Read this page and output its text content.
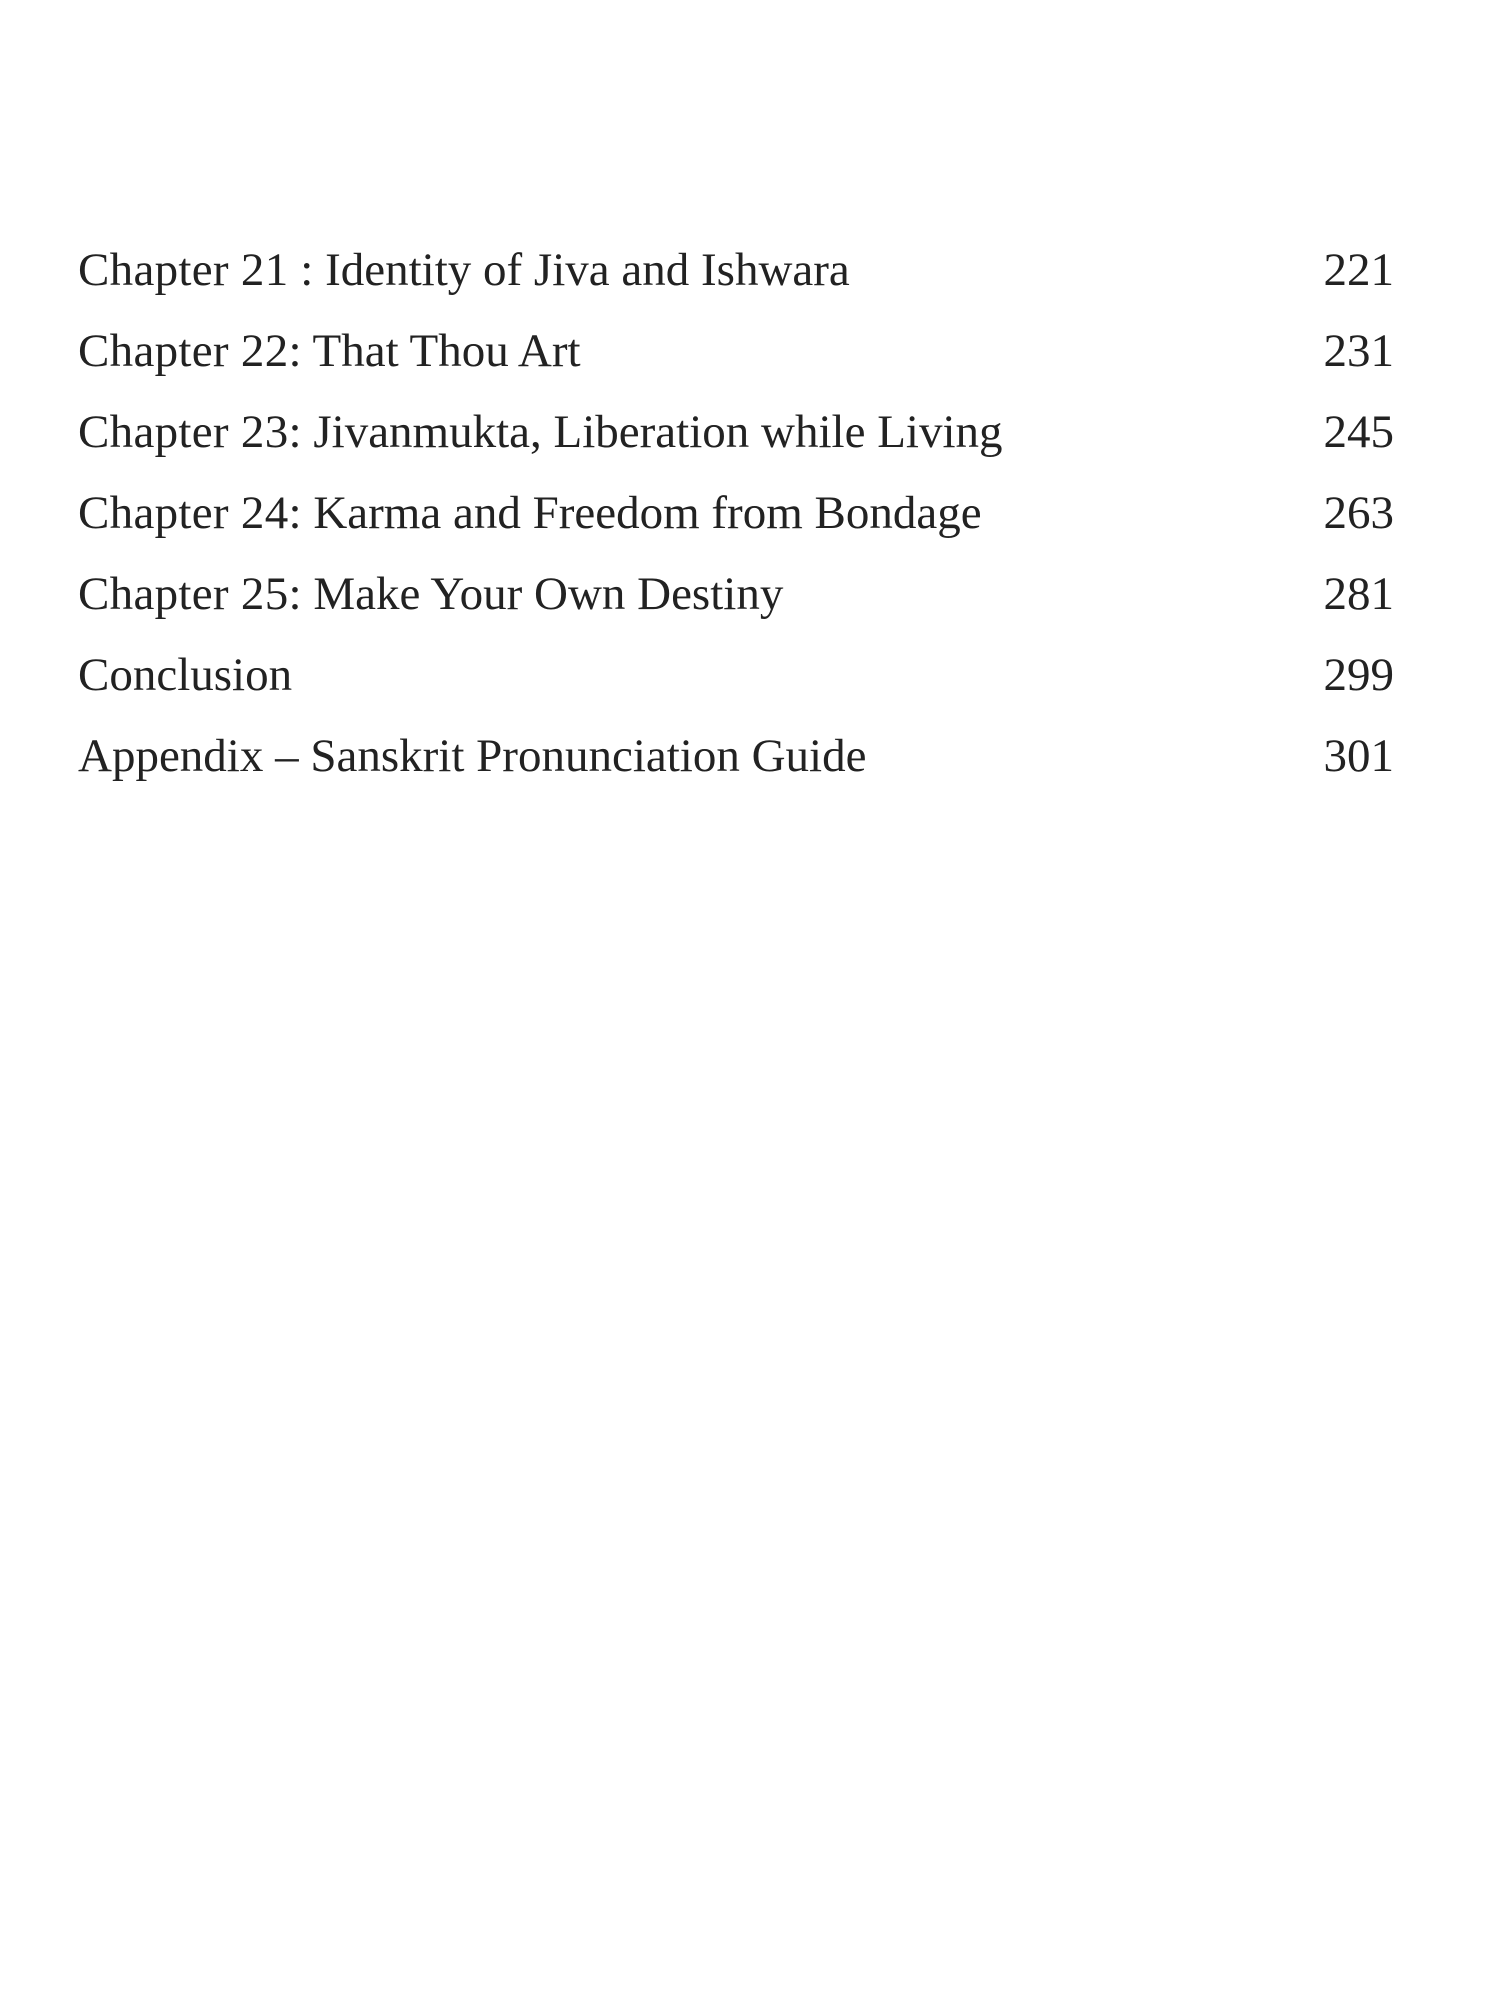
Chapter 21 : Identity of Jiva and Ishwara	221
Chapter 22: That Thou Art	231
Chapter 23: Jivanmukta, Liberation while Living	245
Chapter 24: Karma and Freedom from Bondage	263
Chapter 25: Make Your Own Destiny	281
Conclusion	299
Appendix – Sanskrit Pronunciation Guide	301
